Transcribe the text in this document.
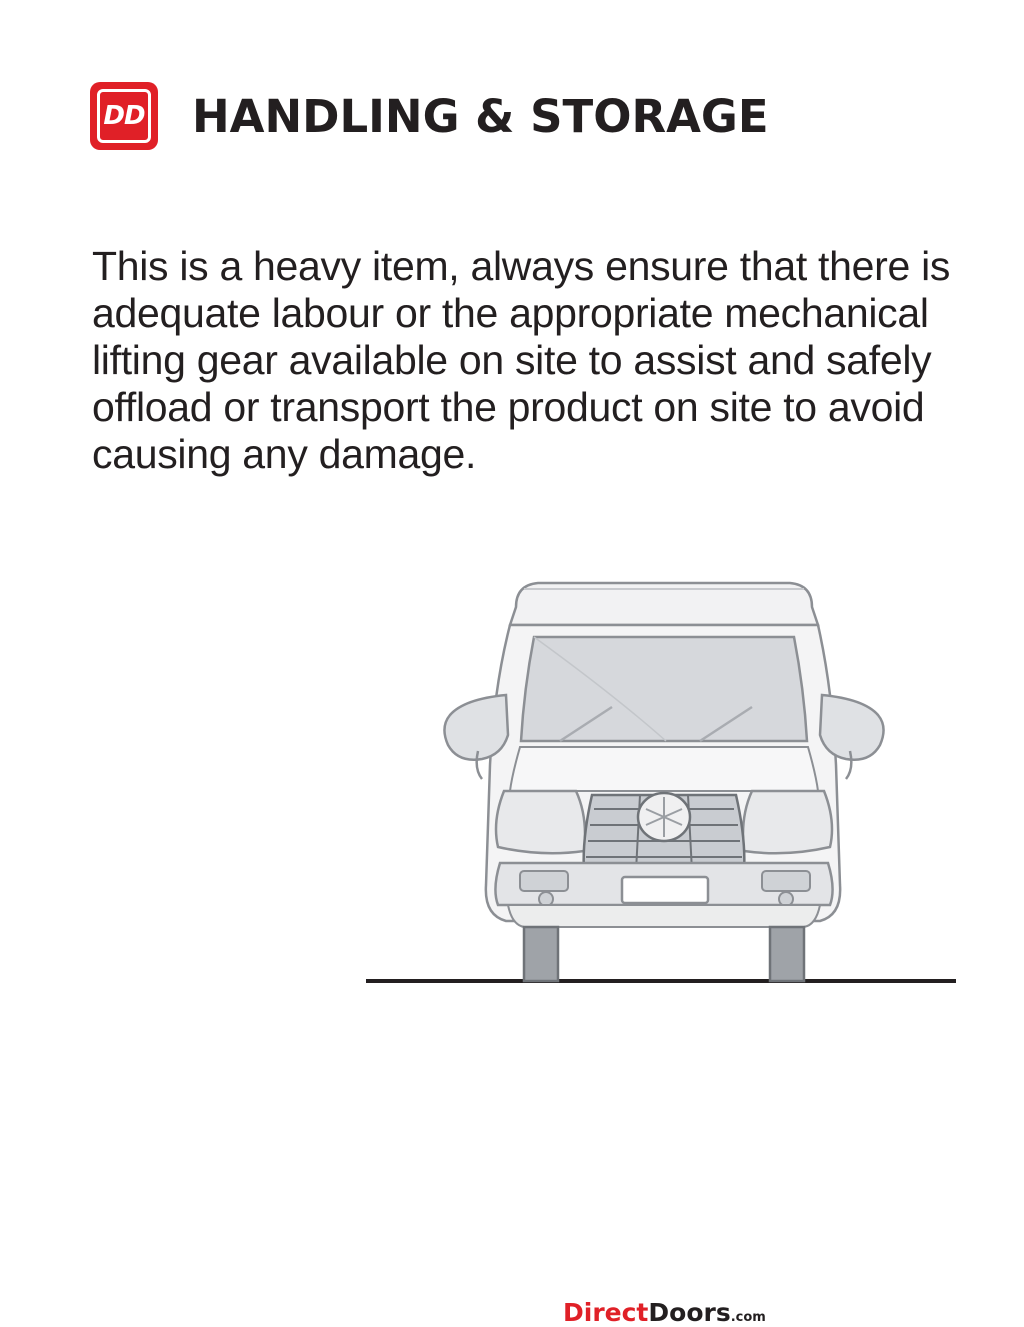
DD HANDLING & STORAGE
This is a heavy item, always ensure that there is adequate labour or the appropriate mechanical lifting gear available on site to assist and safely offload or transport the product on site to avoid causing any damage.
DirectDoors.com
